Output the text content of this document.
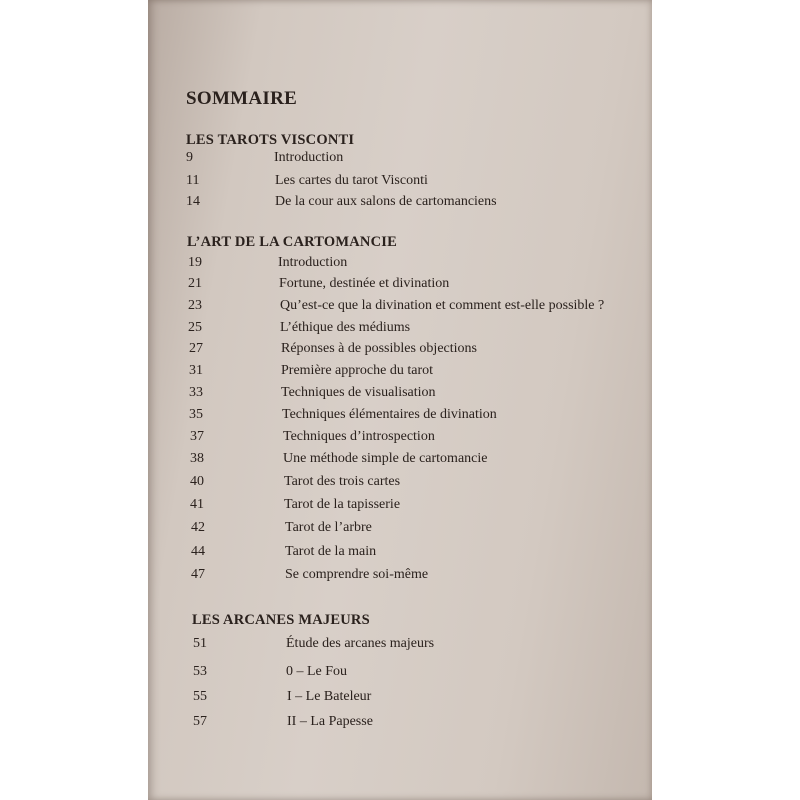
SOMMAIRE
LES TAROTS VISCONTI
9	Introduction
11	Les cartes du tarot Visconti
14	De la cour aux salons de cartomanciens
L’ART DE LA CARTOMANCIE
19	Introduction
21	Fortune, destinée et divination
23	Qu’est-ce que la divination et comment est-elle possible ?
25	L’éthique des médiums
27	Réponses à de possibles objections
31	Première approche du tarot
33	Techniques de visualisation
35	Techniques élémentaires de divination
37	Techniques d’introspection
38	Une méthode simple de cartomancie
40	Tarot des trois cartes
41	Tarot de la tapisserie
42	Tarot de l’arbre
44	Tarot de la main
47	Se comprendre soi-même
LES ARCANES MAJEURS
51	Étude des arcanes majeurs
53	0 – Le Fou
55	I – Le Bateleur
57	II – La Papesse
